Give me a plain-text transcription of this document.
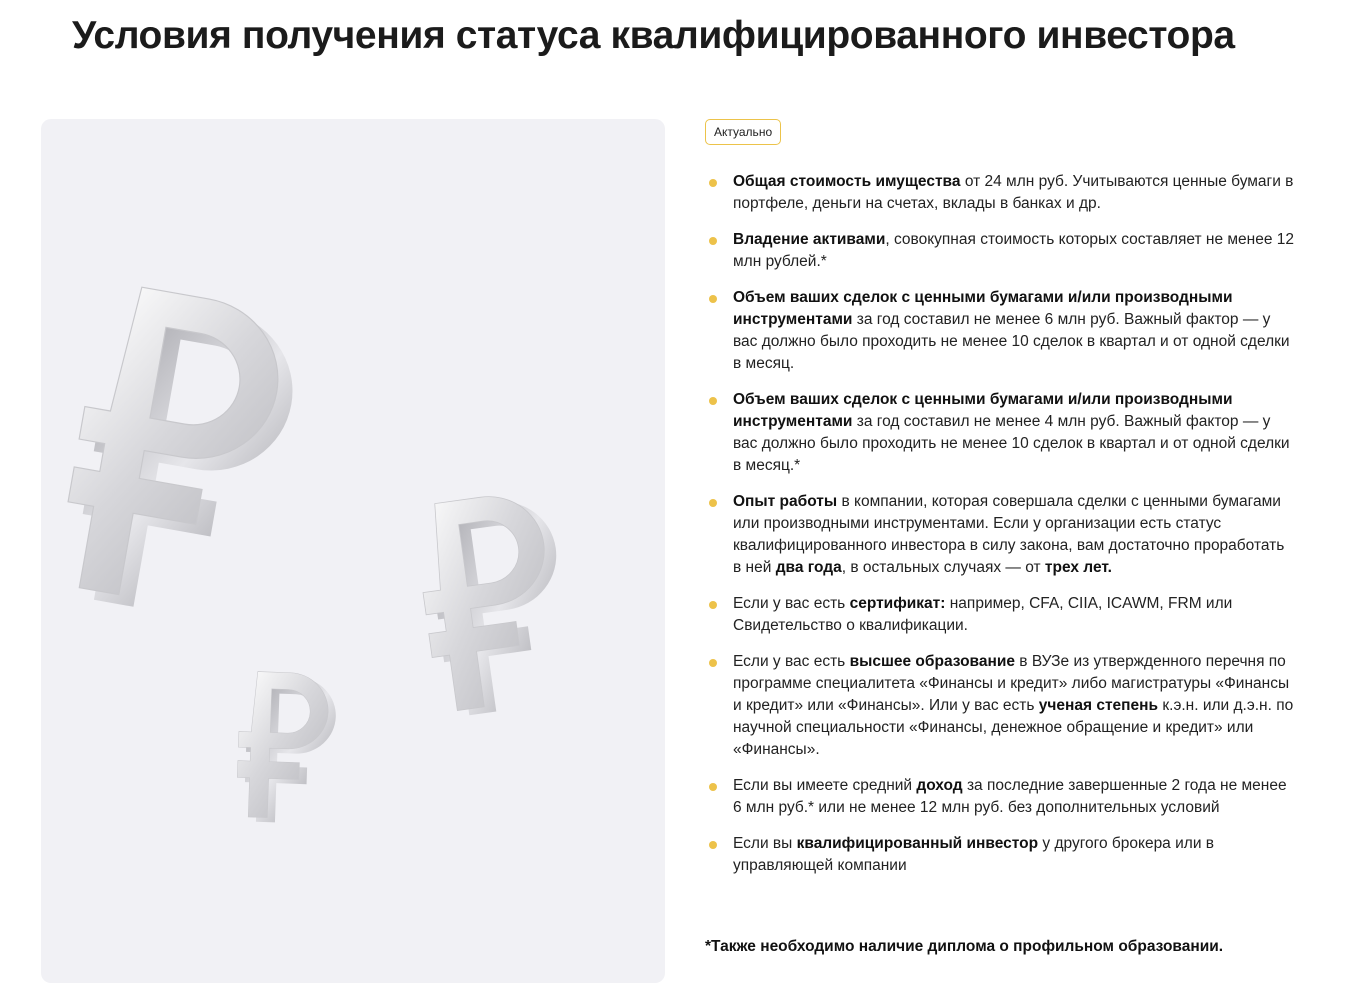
Условия получения статуса квалифицированного инвестора
Актуально
Общая стоимость имущества от 24 млн руб. Учитываются ценные бумаги в портфеле, деньги на счетах, вклады в банках и др.
Владение активами, совокупная стоимость которых составляет не менее 12 млн рублей.*
Объем ваших сделок с ценными бумагами и/или производными инструментами за год составил не менее 6 млн руб. Важный фактор — у вас должно было проходить не менее 10 сделок в квартал и от одной сделки в месяц.
Объем ваших сделок с ценными бумагами и/или производными инструментами за год составил не менее 4 млн руб. Важный фактор — у вас должно было проходить не менее 10 сделок в квартал и от одной сделки в месяц.*
Опыт работы в компании, которая совершала сделки с ценными бумагами или производными инструментами. Если у организации есть статус квалифицированного инвестора в силу закона, вам достаточно проработать в ней два года, в остальных случаях — от трех лет.
Если у вас есть сертификат: например, CFA, CIIA, ICAWM, FRM или Свидетельство о квалификации.
Если у вас есть высшее образование в ВУЗе из утвержденного перечня по программе специалитета «Финансы и кредит» либо магистратуры «Финансы и кредит» или «Финансы». Или у вас есть ученая степень к.э.н. или д.э.н. по научной специальности «Финансы, денежное обращение и кредит» или «Финансы».
Если вы имеете средний доход за последние завершенные 2 года не менее 6 млн руб.* или не менее 12 млн руб. без дополнительных условий
Если вы квалифицированный инвестор у другого брокера или в управляющей компании

*Также необходимо наличие диплома о профильном образовании.
